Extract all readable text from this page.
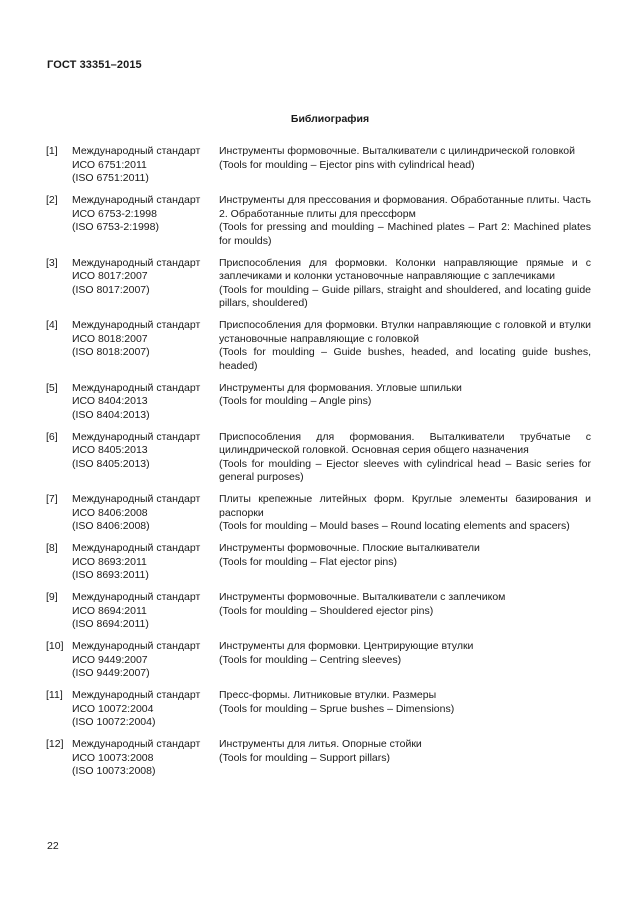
ГОСТ 33351–2015
Библиография
[1]	Международный стандарт
ИСО 6751:2011
(ISO 6751:2011)
Инструменты формовочные. Выталкиватели с цилиндрической головкой
(Tools for moulding – Ejector pins with cylindrical head)
[2]	Международный стандарт
ИСО 6753-2:1998
(ISO 6753-2:1998)
Инструменты для прессования и формования. Обработанные плиты. Часть 2. Обработанные плиты для прессформ
(Tools for pressing and moulding – Machined plates – Part 2: Machined plates for moulds)
[3]	Международный стандарт
ИСО 8017:2007
(ISO 8017:2007)
Приспособления для формовки. Колонки направляющие прямые и с заплечиками и колонки установочные направляющие с заплечиками
(Tools for moulding – Guide pillars, straight and shouldered, and locating guide pillars, shouldered)
[4]	Международный стандарт
ИСО 8018:2007
(ISO 8018:2007)
Приспособления для формовки. Втулки направляющие с головкой и втулки установочные направляющие с головкой
(Tools for moulding – Guide bushes, headed, and locating guide bushes, headed)
[5]	Международный стандарт
ИСО 8404:2013
(ISO 8404:2013)
Инструменты для формования. Угловые шпильки
(Tools for moulding – Angle pins)
[6]	Международный стандарт
ИСО 8405:2013
(ISO 8405:2013)
Приспособления для формования. Выталкиватели трубчатые с цилиндрической головкой. Основная серия общего назначения
(Tools for moulding – Ejector sleeves with cylindrical head – Basic series for general purposes)
[7]	Международный стандарт
ИСО 8406:2008
(ISO 8406:2008)
Плиты крепежные литейных форм. Круглые элементы базирования и распорки
(Tools for moulding – Mould bases – Round locating elements and spacers)
[8]	Международный стандарт
ИСО 8693:2011
(ISO 8693:2011)
Инструменты формовочные. Плоские выталкиватели
(Tools for moulding – Flat ejector pins)
[9]	Международный стандарт
ИСО 8694:2011
(ISO 8694:2011)
Инструменты формовочные. Выталкиватели с заплечиком
(Tools for moulding – Shouldered ejector pins)
[10] Международный стандарт
ИСО 9449:2007
(ISO 9449:2007)
Инструменты для формовки. Центрирующие втулки
(Tools for moulding – Centring sleeves)
[11] Международный стандарт
ИСО 10072:2004
(ISO 10072:2004)
Пресс-формы. Литниковые втулки. Размеры
(Tools for moulding – Sprue bushes – Dimensions)
[12] Международный стандарт
ИСО 10073:2008
(ISO 10073:2008)
Инструменты для литья. Опорные стойки
(Tools for moulding – Support pillars)
22
